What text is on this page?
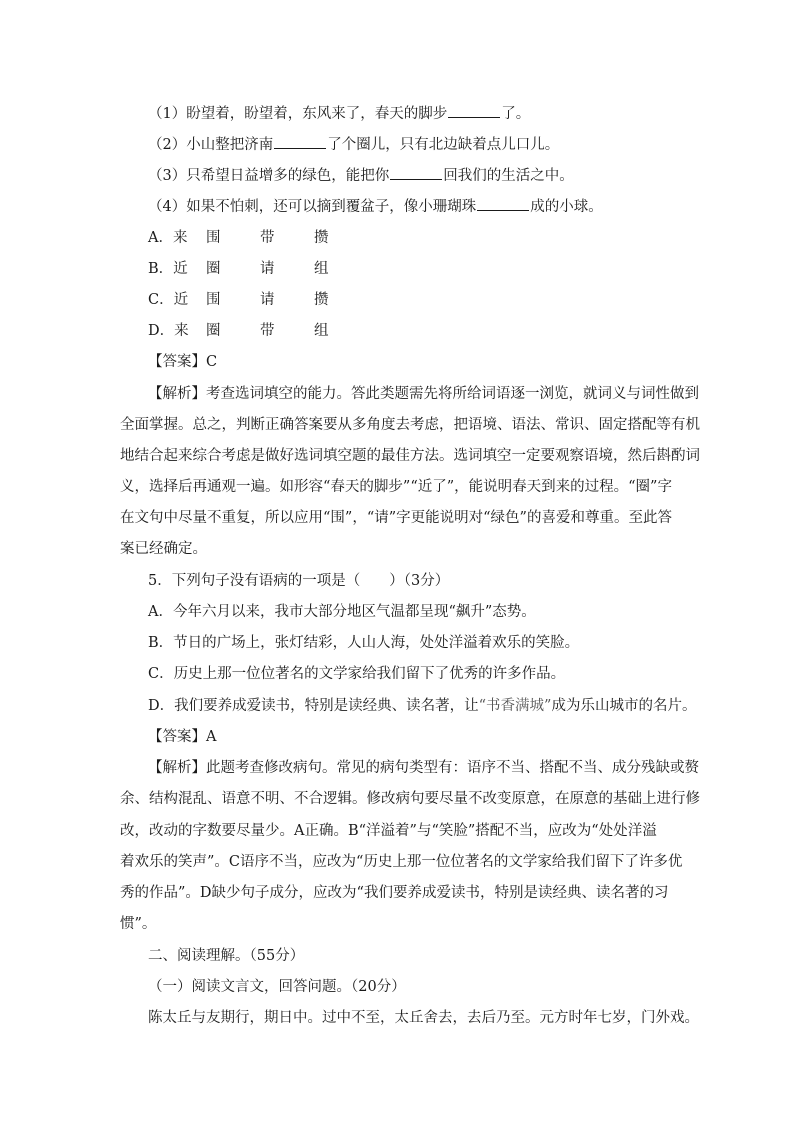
（1）盼望着，盼望着，东风来了，春天的脚步	了。
（2）小山整把济南	了个圈儿，只有北边缺着点儿口儿。
（3）只希望日益增多的绿色，能把你	回我们的生活之中。
（4）如果不怕刺，还可以摘到覆盆子，像小珊瑚珠	成的小球。
A．来 围	带	攒
B．近 圈	请	组
C．近 围	请	攒
D．来 圈	带	组
【答案】C
【解析】考查选词填空的能力。答此类题需先将所给词语逐一浏览，就词义与词性做到
全面掌握。总之，判断正确答案要从多角度去考虑，把语境、语法、常识、固定搭配等有机
地结合起来综合考虑是做好选词填空题的最佳方法。选词填空一定要观察语境，然后斟酌词
义，选择后再通观一遍。如形容“春天的脚步”“近了”，能说明春天到来的过程。“圈”字
在文句中尽量不重复，所以应用“围”，“请”字更能说明对“绿色”的喜爱和尊重。至此答
案已经确定。
5．下列句子没有语病的一项是（　　）（3分）
A．今年六月以来，我市大部分地区气温都呈现“飙升”态势。
B．节日的广场上，张灯结彩，人山人海，处处洋溢着欢乐的笑脸。
C．历史上那一位位著名的文学家给我们留下了优秀的许多作品。
D．我们要养成爱读书，特别是读经典、读名著，让“书香满城”成为乐山城市的名片。
【答案】A
【解析】此题考查修改病句。常见的病句类型有：语序不当、搭配不当、成分残缺或赘
余、结构混乱、语意不明、不合逻辑。修改病句要尽量不改变原意，在原意的基础上进行修
改，改动的字数要尽量少。A正确。B“洋溢着”与“笑脸”搭配不当，应改为“处处洋溢
着欢乐的笑声”。C语序不当，应改为“历史上那一位位著名的文学家给我们留下了许多优
秀的作品”。D缺少句子成分，应改为“我们要养成爱读书，特别是读经典、读名著的习
惯”。
二、阅读理解。（55分）
（一）阅读文言文，回答问题。（20分）
陈太丘与友期行，期日中。过中不至，太丘舍去，去后乃至。元方时年七岁，门外戏。
